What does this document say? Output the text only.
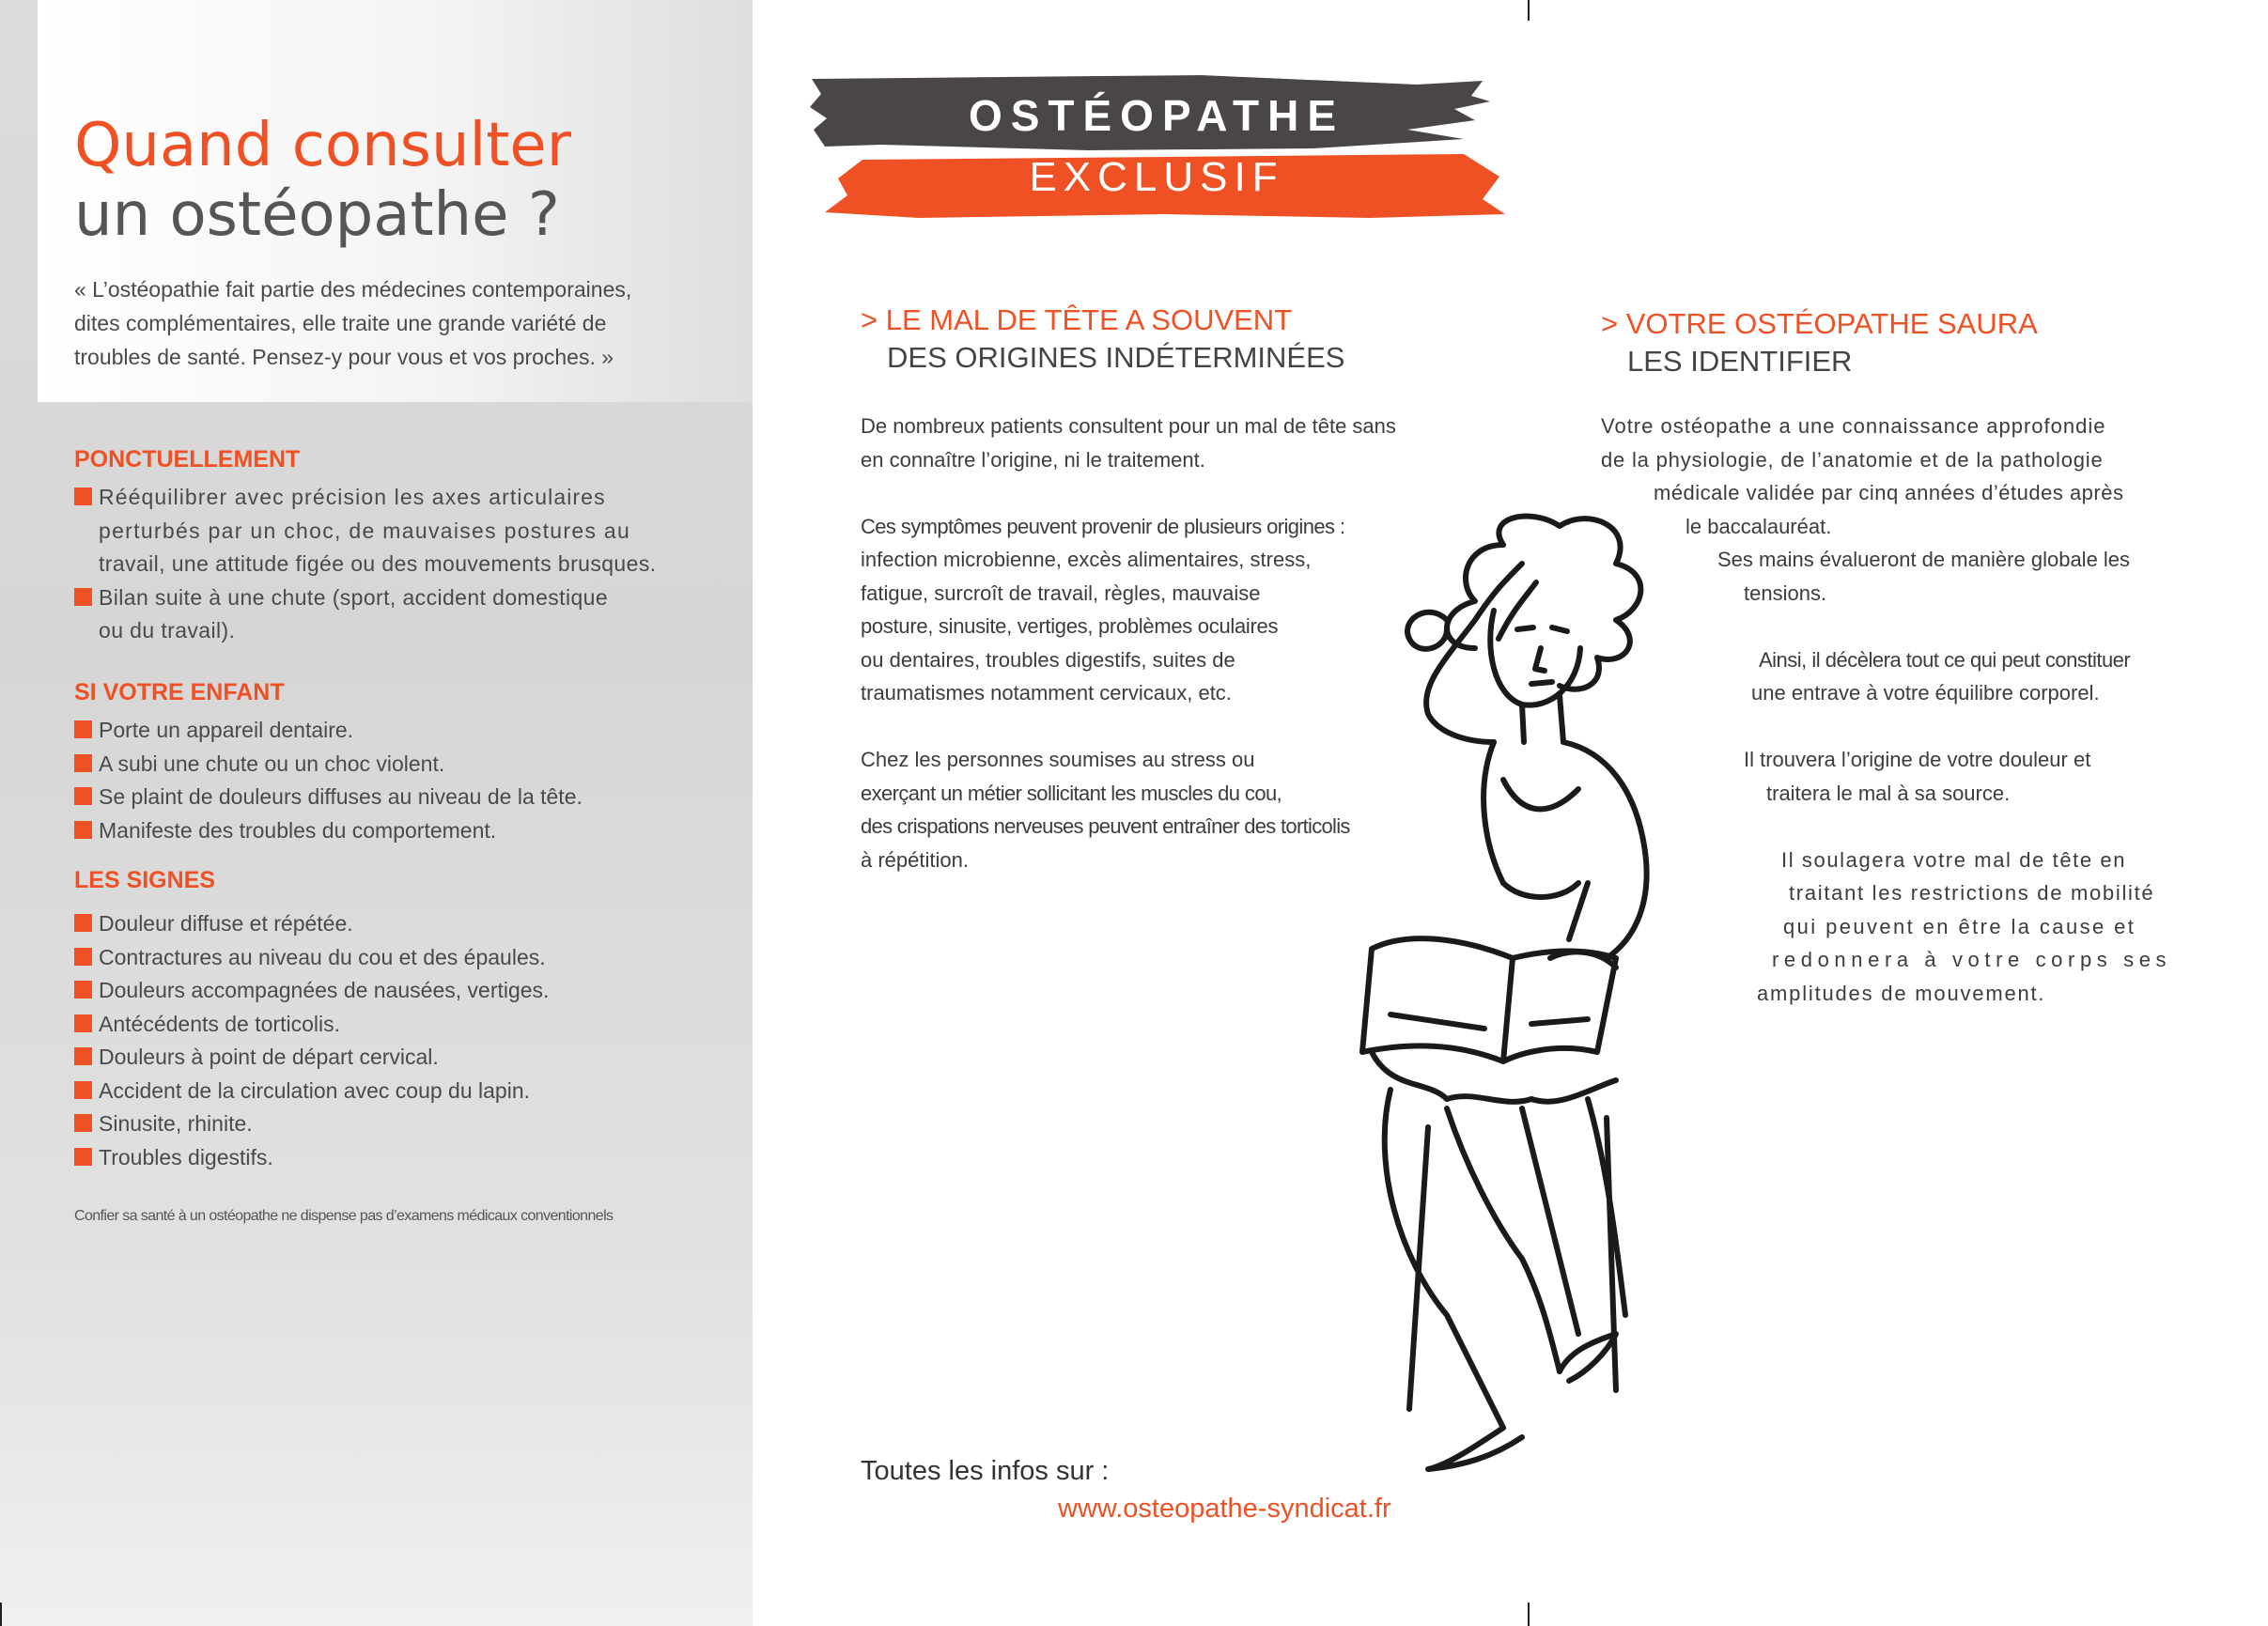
Quand consulter
un ostéopathe ?
« L’ostéopathie fait partie des médecines contemporaines,
dites complémentaires, elle traite une grande variété de
troubles de santé. Pensez-y pour vous et vos proches. »
PONCTUELLEMENT
Rééquilibrer avec précision les axes articulaires
perturbés par un choc, de mauvaises postures au
travail, une attitude figée ou des mouvements brusques.
Bilan suite à une chute (sport, accident domestique
ou du travail).
SI VOTRE ENFANT
Porte un appareil dentaire.
A subi une chute ou un choc violent.
Se plaint de douleurs diffuses au niveau de la tête.
Manifeste des troubles du comportement.
LES SIGNES
Douleur diffuse et répétée.
Contractures au niveau du cou et des épaules.
Douleurs accompagnées de nausées, vertiges.
Antécédents de torticolis.
Douleurs à point de départ cervical.
Accident de la circulation avec coup du lapin.
Sinusite, rhinite.
Troubles digestifs.
Confier sa santé à un ostéopathe ne dispense pas d’examens médicaux conventionnels
OSTÉOPATHE
EXCLUSIF
> LE MAL DE TÊTE A SOUVENT
DES ORIGINES INDÉTERMINÉES

De nombreux patients consultent pour un mal de tête sans
en connaître l’origine, ni le traitement.

Ces symptômes peuvent provenir de plusieurs origines :
infection microbienne, excès alimentaires, stress,
fatigue, surcroît de travail, règles, mauvaise
posture, sinusite, vertiges, problèmes oculaires
ou dentaires, troubles digestifs, suites de
traumatismes notamment cervicaux, etc.

Chez les personnes soumises au stress ou
exerçant un métier sollicitant les muscles du cou,
des crispations nerveuses peuvent entraîner des torticolis
à répétition.

> VOTRE OSTÉOPATHE SAURA
LES IDENTIFIER
Votre ostéopathe a une connaissance approfondie
de la physiologie, de l’anatomie et de la pathologie
médicale validée par cinq années d’études après
le baccalauréat.
Ses mains évalueront de manière globale les
tensions.
Ainsi, il décèlera tout ce qui peut constituer
une entrave à votre équilibre corporel.
Il trouvera l’origine de votre douleur et
traitera le mal à sa source.
Il soulagera votre mal de tête en
traitant les restrictions de mobilité
qui peuvent en être la cause et
redonnera à votre corps ses
amplitudes de mouvement.
Toutes les infos sur :
www.osteopathe-syndicat.fr
